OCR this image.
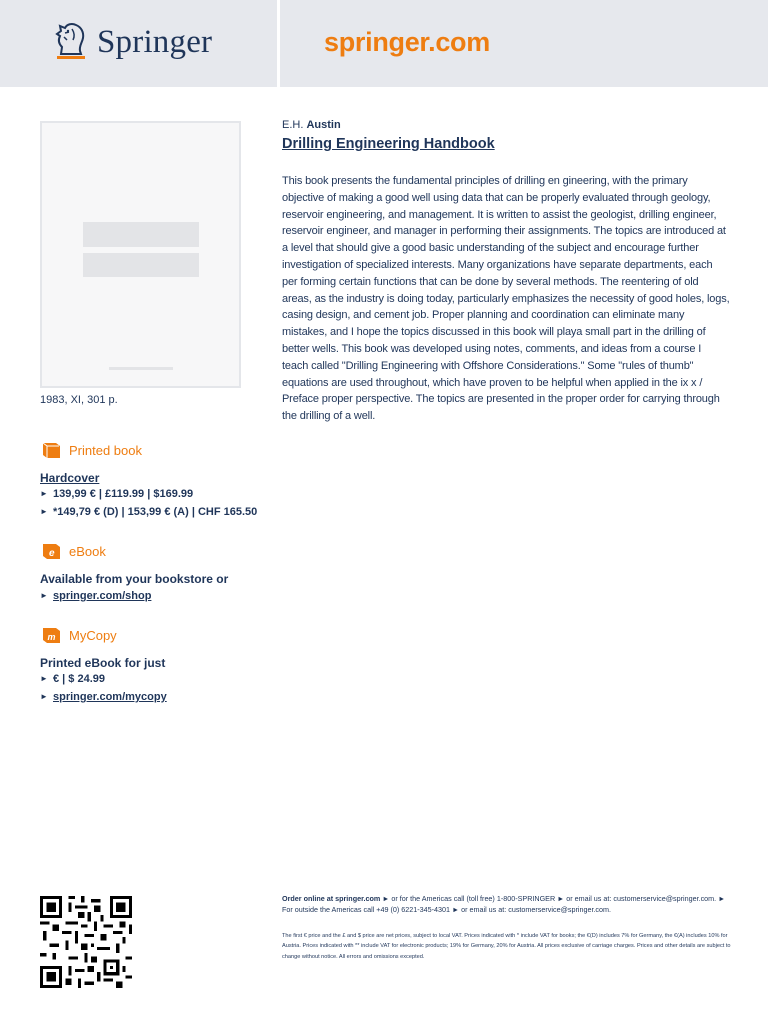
Springer	springer.com
1983, XI, 301 p.
Printed book
Hardcover
► 139,99 € | £119.99 | $169.99
► *149,79 € (D) | 153,99 € (A) | CHF 165.50
e eBook
Available from your bookstore or
► springer.com/shop
m MyCopy
Printed eBook for just
► € | $ 24.99
► springer.com/mycopy
E.H. Austin
Drilling Engineering Handbook
This book presents the fundamental principles of drilling en gineering, with the primary objective of making a good well using data that can be properly evaluated through geology, reservoir engineering, and management. It is written to assist the geologist, drilling engineer, reservoir engineer, and manager in performing their assignments. The topics are introduced at a level that should give a good basic understanding of the subject and encourage further investigation of specialized interests. Many organizations have separate departments, each per forming certain functions that can be done by several methods. The reentering of old areas, as the industry is doing today, particularly emphasizes the necessity of good holes, logs, casing design, and cement job. Proper planning and coordination can eliminate many mistakes, and I hope the topics discussed in this book will playa small part in the drilling of better wells. This book was developed using notes, comments, and ideas from a course I teach called "Drilling Engineering with Offshore Considerations." Some "rules of thumb" equations are used throughout, which have proven to be helpful when applied in the ix x / Preface proper perspective. The topics are presented in the proper order for carrying through the drilling of a well.
Order online at springer.com ► or for the Americas call (toll free) 1-800-SPRINGER ► or email us at: customerservice@springer.com. ► For outside the Americas call +49 (0) 6221-345-4301 ► or email us at: customerservice@springer.com.
The first € price and the £ and $ price are net prices, subject to local VAT. Prices indicated with * include VAT for books; the €(D) includes 7% for Germany, the €(A) includes 10% for Austria. Prices indicated with ** include VAT for electronic products; 19% for Germany, 20% for Austria. All prices exclusive of carriage charges. Prices and other details are subject to change without notice. All errors and omissions excepted.
